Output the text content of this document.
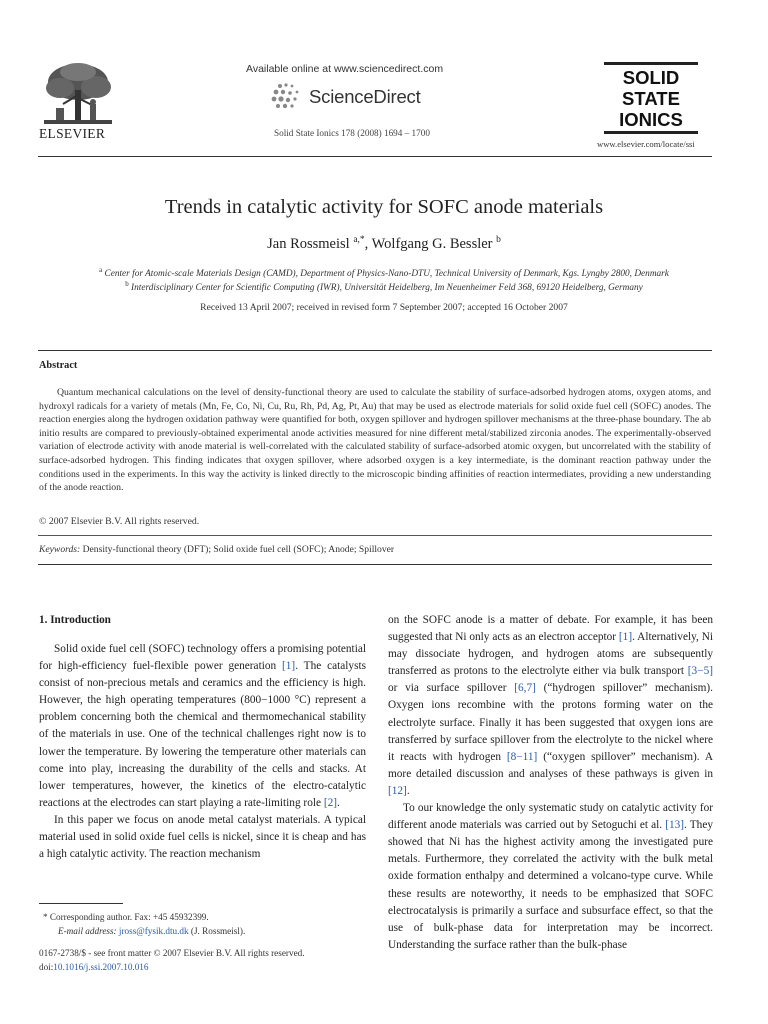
ELSEVIER
Available online at www.sciencedirect.com
ScienceDirect
Solid State Ionics 178 (2008) 1694 – 1700
SOLID
STATE
IONICS
www.elsevier.com/locate/ssi
Trends in catalytic activity for SOFC anode materials
Jan Rossmeisl $^{a,*}$, Wolfgang G. Bessler $^b$
$^a$ Center for Atomic-scale Materials Design (CAMD), Department of Physics-Nano-DTU, Technical University of Denmark, Kgs. Lyngby 2800, Denmark
$^b$ Interdisciplinary Center for Scientific Computing (IWR), Universität Heidelberg, Im Neuenheimer Feld 368, 69120 Heidelberg, Germany
Received 13 April 2007; received in revised form 7 September 2007; accepted 16 October 2007
Abstract
Quantum mechanical calculations on the level of density-functional theory are used to calculate the stability of surface-adsorbed hydrogen atoms, oxygen atoms, and hydroxyl radicals for a variety of metals (Mn, Fe, Co, Ni, Cu, Ru, Rh, Pd, Ag, Pt, Au) that may be used as electrode materials for solid oxide fuel cell (SOFC) anodes. The reaction energies along the hydrogen oxidation pathway were quantified for both, oxygen spillover and hydrogen spillover mechanisms at the three-phase boundary. The ab initio results are compared to previously-obtained experimental anode activities measured for nine different metal/stabilized zirconia anodes. The experimentally-observed variation of electrode activity with anode material is well-correlated with the calculated stability of surface-adsorbed atomic oxygen, but uncorrelated with the stability of surface-adsorbed hydrogen. This finding indicates that oxygen spillover, where adsorbed oxygen is a key intermediate, is the dominant reaction pathway under the conditions used in the experiments. In this way the activity is linked directly to the microscopic binding affinities of reaction intermediates, providing a new understanding of the anode reaction.
© 2007 Elsevier B.V. All rights reserved.
Keywords: Density-functional theory (DFT); Solid oxide fuel cell (SOFC); Anode; Spillover
1. Introduction

Solid oxide fuel cell (SOFC) technology offers a promising potential for high-efficiency fuel-flexible power generation [1]. The catalysts consist of non-precious metals and ceramics and the efficiency is high. However, the high operating temperatures (800−1000 °C) represent a problem concerning both the chemical and thermomechanical stability of the materials in use. One of the technical challenges right now is to lower the temperature. By lowering the temperature other materials can come into play, increasing the durability of the cells and stacks. At lower temperatures, however, the kinetics of the electro-catalytic reactions at the electrodes can start playing a rate-limiting role [2].

In this paper we focus on anode metal catalyst materials. A typical material used in solid oxide fuel cells is nickel, since it is cheap and has a high catalytic activity. The reaction mechanism

on the SOFC anode is a matter of debate. For example, it has been suggested that Ni only acts as an electron acceptor [1]. Alternatively, Ni may dissociate hydrogen, and hydrogen atoms are subsequently transferred as protons to the electrolyte either via bulk transport [3−5] or via surface spillover [6,7] (“hydrogen spillover” mechanism). Oxygen ions recombine with the protons forming water on the electrolyte surface. Finally it has been suggested that oxygen ions are transferred by surface spillover from the electrolyte to the nickel where it reacts with hydrogen [8−11] (“oxygen spillover” mechanism). A more detailed discussion and analyses of these pathways is given in [12].

To our knowledge the only systematic study on catalytic activity for different anode materials was carried out by Setoguchi et al. [13]. They showed that Ni has the highest activity among the investigated pure metals. Furthermore, they correlated the activity with the bulk metal oxide formation enthalpy and determined a volcano-type curve. While these results are noteworthy, it needs to be emphasized that SOFC electrocatalysis is primarily a surface and subsurface effect, so that the use of bulk-phase data for interpretation may be incorrect. Understanding the surface rather than the bulk-phase

* Corresponding author. Fax: +45 45932399.
E-mail address: jross@fysik.dtu.dk (J. Rossmeisl).
0167-2738/$ - see front matter © 2007 Elsevier B.V. All rights reserved.
doi:10.1016/j.ssi.2007.10.016
